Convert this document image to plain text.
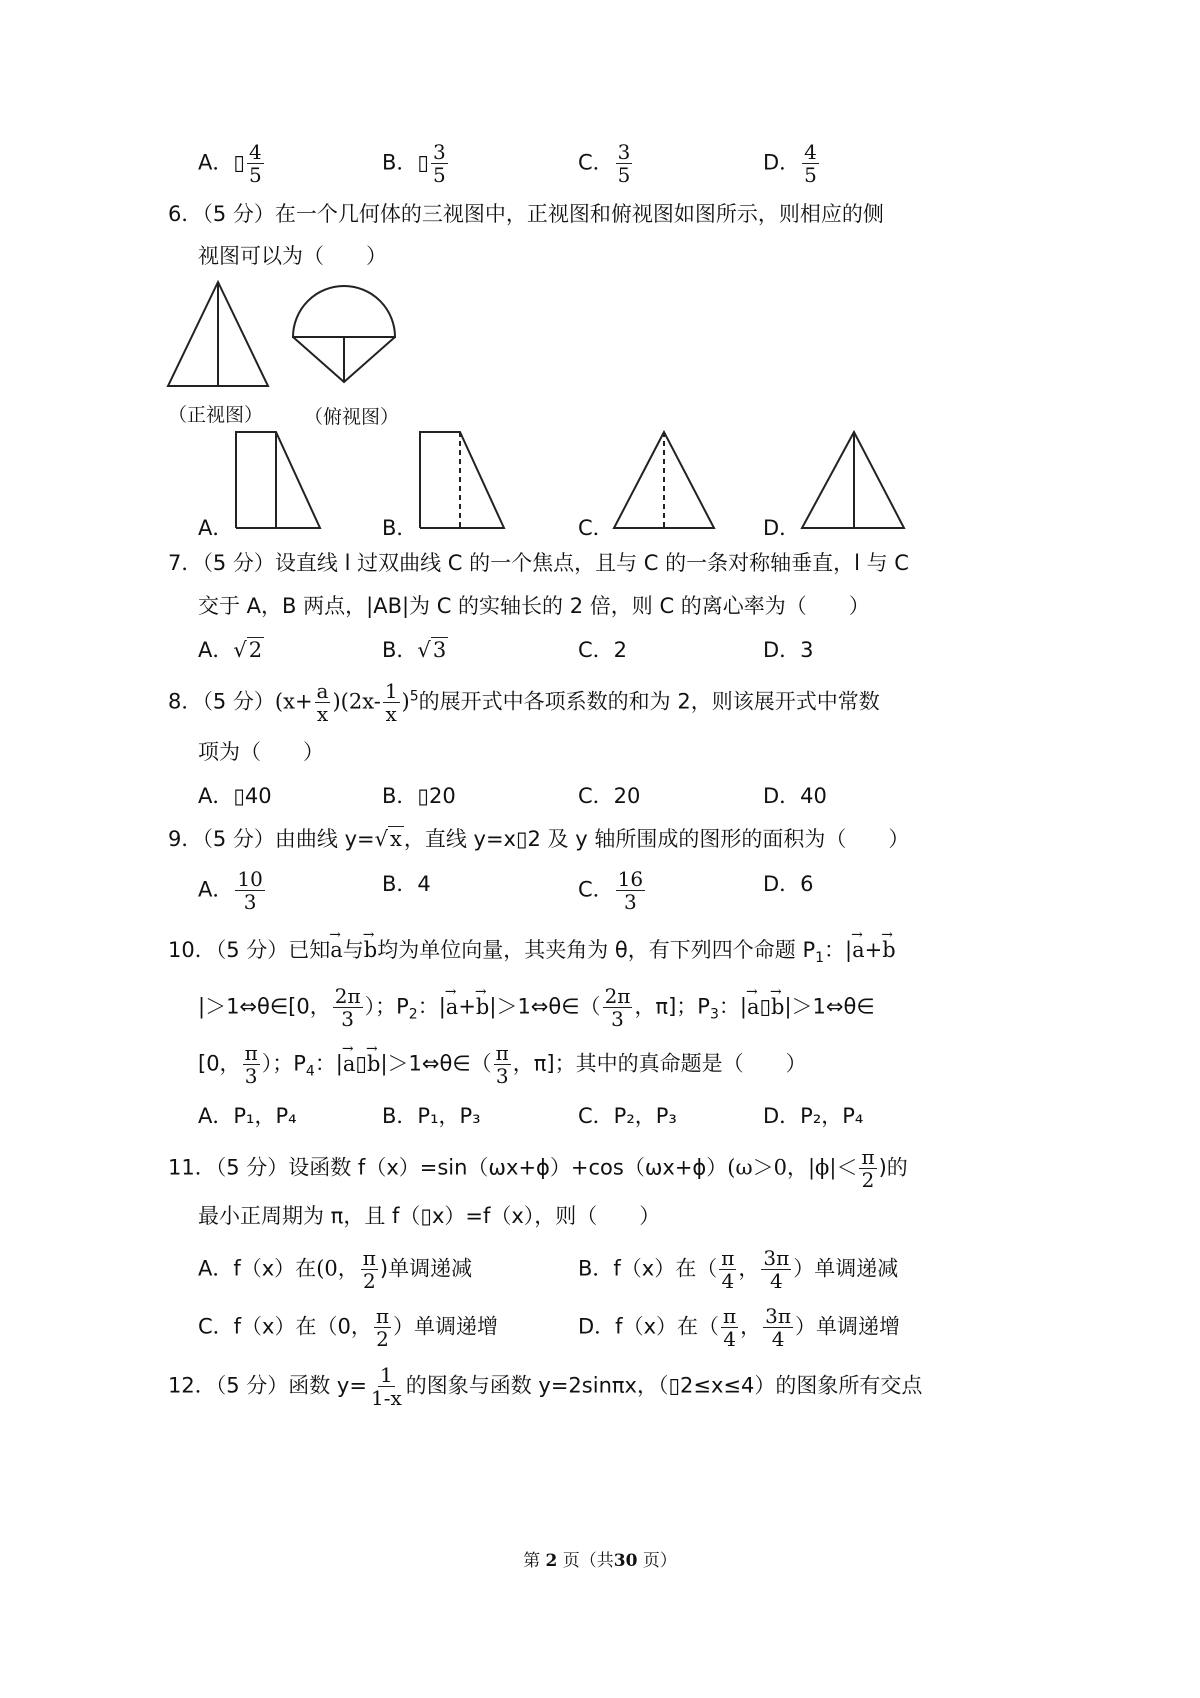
A．▯ $\frac{4}{5}$	B．▯ $\frac{3}{5}$	C． $\frac{3}{5}$	D． $\frac{4}{5}$
6．（5 分）在一个几何体的三视图中，正视图和俯视图如图所示，则相应的侧
视图可以为（　　）
（正视图） （俯视图）
A．	B．	C．	D．
7．（5 分）设直线 l 过双曲线 C 的一个焦点，且与 C 的一条对称轴垂直，l 与 C
交于 A，B 两点，|AB|为 C 的实轴长的 2 倍，则 C 的离心率为（　　）
A．√2	B．√3	C．2	D．3
8．（5 分）$(x+ \frac{a}{x} )(2x- \frac{1}{x} )^5$的展开式中各项系数的和为 2，则该展开式中常数
项为（　　）
A．▯40	B．▯20	C．20	D．40
9．（5 分）由曲线 y=√x，直线 y=x▯2 及 y 轴所围成的图形的面积为（　　）
A． $\frac{10}{3}$	B．4	C． $\frac{16}{3}$	D．6
10．（5 分）已知→ a与→ b均为单位向量，其夹角为 θ，有下列四个命题 $P_1$：|→ a+→ b
|＞1⇔θ∈[0， $\frac{2\pi}{3}$ ）；$P_2$：|→ a+→ b|＞1⇔θ∈（ $\frac{2\pi}{3}$ ，π]；$P_3$：|→ a▯→ b|＞1⇔θ∈
[0， $\frac{\pi}{3}$ ）；$P_4$：|→ a▯→ b|＞1⇔θ∈（ $\frac{\pi}{3}$ ，π]；其中的真命题是（　　）
A．P₁，P₄	B．P₁，P₃	C．P₂，P₃	D．P₂，P₄
11．（5 分）设函数 f（x）=sin（ωx+ϕ）+cos（ωx+ϕ）(ω＞0，$|\phi|< \frac{\pi}{2}$ )的
最小正周期为 π，且 f（▯x）=f（x），则（　　）
A．f（x）在(0， $\frac{\pi}{2}$ )单调递减	B．f（x）在（ $\frac{\pi}{4}$ ， $\frac{3\pi}{4}$ ）单调递减
C．f（x）在（0， $\frac{\pi}{2}$ ）单调递增	D．f（x）在（ $\frac{\pi}{4}$ ， $\frac{3\pi}{4}$ ）单调递增
12．（5 分）函数 $y= \frac{1}{1-x}$ 的图象与函数 y=2sinπx，（▯2≤x≤4）的图象所有交点
第 2 页（共30 页）
